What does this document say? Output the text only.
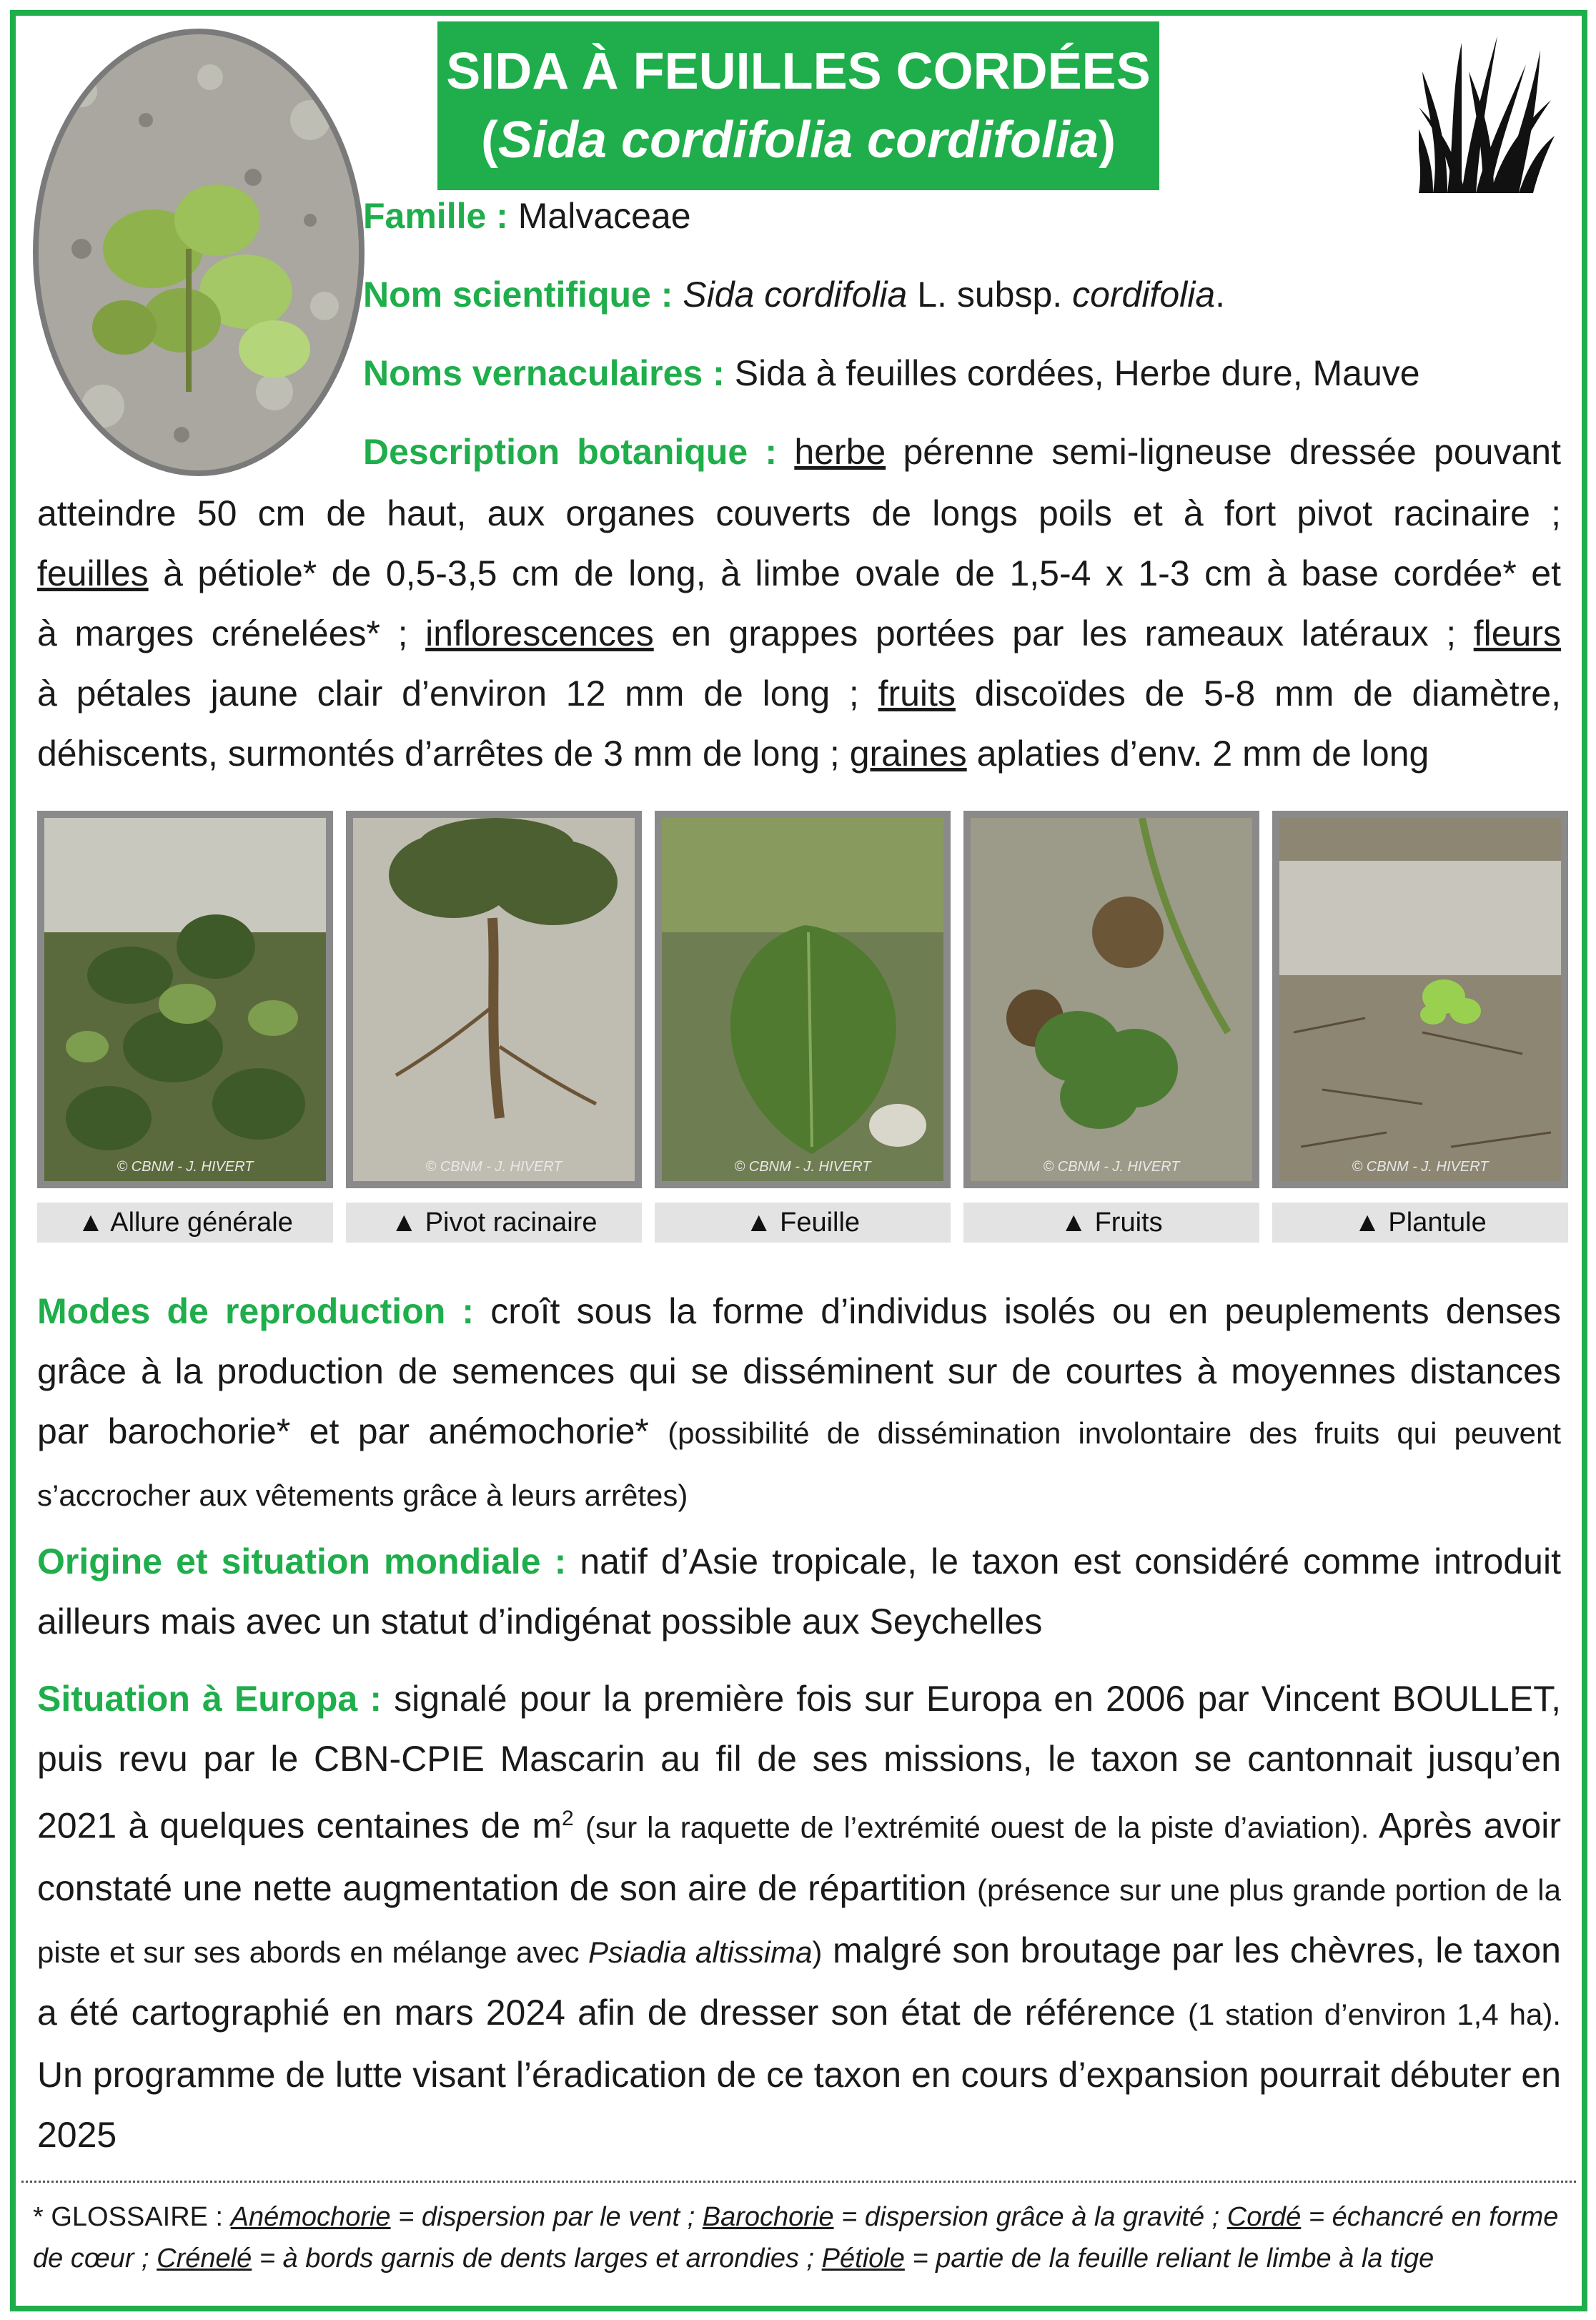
SIDA À FEUILLES CORDÉES
(Sida cordifolia cordifolia)
Famille : Malvaceae
Nom scientifique : Sida cordifolia L. subsp. cordifolia.
Noms vernaculaires : Sida à feuilles cordées, Herbe dure, Mauve
Description botanique : herbe pérenne semi-ligneuse dressée pouvant
atteindre 50 cm de haut, aux organes couverts de longs poils et à fort pivot racinaire ;
feuilles à pétiole* de 0,5-3,5 cm de long, à limbe ovale de 1,5-4 x 1-3 cm à base cordée* et
à marges crénelées* ; inflorescences en grappes portées par les rameaux latéraux ; fleurs
à pétales jaune clair d’environ 12 mm de long ; fruits discoïdes de 5-8 mm de diamètre,
déhiscents, surmontés d’arrêtes de 3 mm de long ; graines aplaties d’env. 2 mm de long
© CBNM - J. HIVERT	© CBNM - J. HIVERT	© CBNM - J. HIVERT	© CBNM - J. HIVERT	© CBNM - J. HIVERT
▲ Allure générale	▲ Pivot racinaire	▲ Feuille	▲ Fruits	▲ Plantule
Modes de reproduction : croît sous la forme d’individus isolés ou en peuplements denses grâce à la production de semences qui se disséminent sur de courtes à moyennes distances par barochorie* et par anémochorie* (possibilité de dissémination involontaire des fruits qui peuvent s’accrocher aux vêtements grâce à leurs arrêtes)
Origine et situation mondiale : natif d’Asie tropicale, le taxon est considéré comme introduit ailleurs mais avec un statut d’indigénat possible aux Seychelles
Situation à Europa : signalé pour la première fois sur Europa en 2006 par Vincent BOULLET, puis revu par le CBN-CPIE Mascarin au fil de ses missions, le taxon se cantonnait jusqu’en 2021 à quelques centaines de $m^2$ (sur la raquette de l’extrémité ouest de la piste d’aviation). Après avoir constaté une nette augmentation de son aire de répartition (présence sur une plus grande portion de la piste et sur ses abords en mélange avec Psiadia altissima) malgré son broutage par les chèvres, le taxon a été cartographié en mars 2024 afin de dresser son état de référence (1 station d’environ 1,4 ha). Un programme de lutte visant l’éradication de ce taxon en cours d’expansion pourrait débuter en 2025
* GLOSSAIRE : Anémochorie = dispersion par le vent ; Barochorie = dispersion grâce à la gravité ; Cordé = échancré en forme de cœur ; Crénelé = à bords garnis de dents larges et arrondies ; Pétiole = partie de la feuille reliant le limbe à la tige
